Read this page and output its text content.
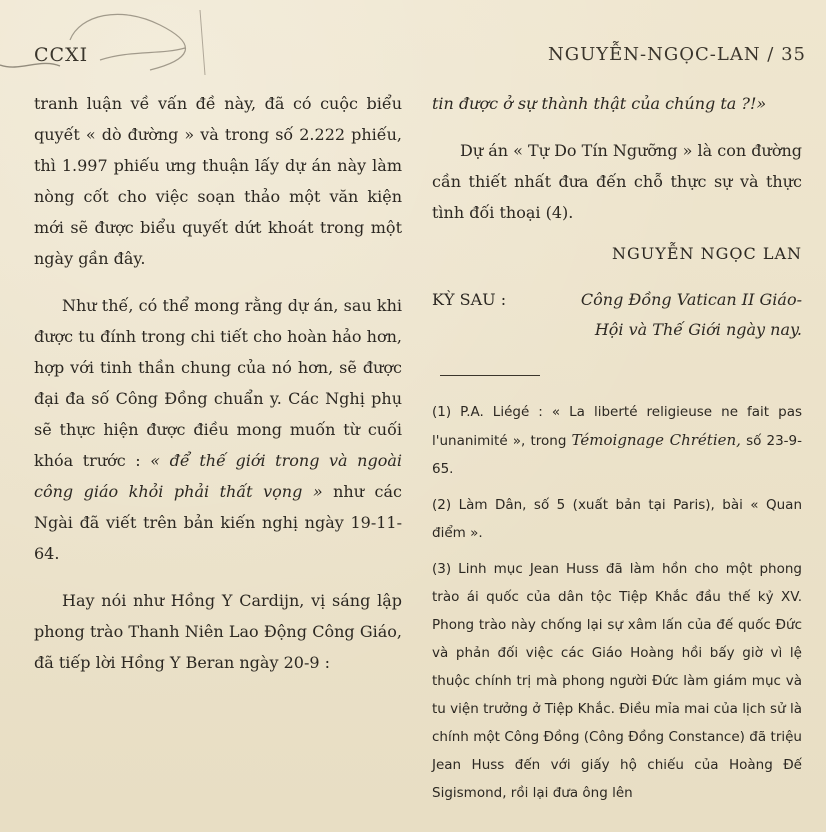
CCXI	NGUYỄN-NGỌC-LAN / 35

tranh luận về vấn đề này, đã có cuộc biểu quyết « dò đường » và trong số 2.222 phiếu, thì 1.997 phiếu ưng thuận lấy dự án này làm nòng cốt cho việc soạn thảo một văn kiện mới sẽ được biểu quyết dứt khoát trong một ngày gần đây.

Như thế, có thể mong rằng dự án, sau khi được tu đính trong chi tiết cho hoàn hảo hơn, hợp với tinh thần chung của nó hơn, sẽ được đại đa số Công Đồng chuẩn y. Các Nghị phụ sẽ thực hiện được điều mong muốn từ cuối khóa trước : « để thế giới trong và ngoài công giáo khỏi phải thất vọng » như các Ngài đã viết trên bản kiến nghị ngày 19-11-64.

Hay nói như Hồng Y Cardijn, vị sáng lập phong trào Thanh Niên Lao Động Công Giáo, đã tiếp lời Hồng Y Beran ngày 20-9 :

tin được ở sự thành thật của chúng ta ?!»

Dự án « Tự Do Tín Ngưỡng » là con đường cần thiết nhất đưa đến chỗ thực sự và thực tình đối thoại (4).

NGUYỄN NGỌC LAN
KỲ SAU :	Công Đồng Vatican II Giáo-
Hội và Thế Giới ngày nay.

(1) P.A. Liégé : « La liberté religieuse ne fait pas l'unanimité », trong Témoignage Chrétien, số 23-9-65.

(2) Làm Dân, số 5 (xuất bản tại Paris), bài « Quan điểm ».

(3) Linh mục Jean Huss đã làm hồn cho một phong trào ái quốc của dân tộc Tiệp Khắc đầu thế kỷ XV. Phong trào này chống lại sự xâm lấn của đế quốc Đức và phản đối việc các Giáo Hoàng hồi bấy giờ vì lệ thuộc chính trị mà phong người Đức làm giám mục và tu viện trưởng ở Tiệp Khắc. Điều mỉa mai của lịch sử là chính một Công Đồng (Công Đồng Constance) đã triệu Jean Huss đến với giấy hộ chiếu của Hoàng Đế Sigismond, rồi lại đưa ông lên
